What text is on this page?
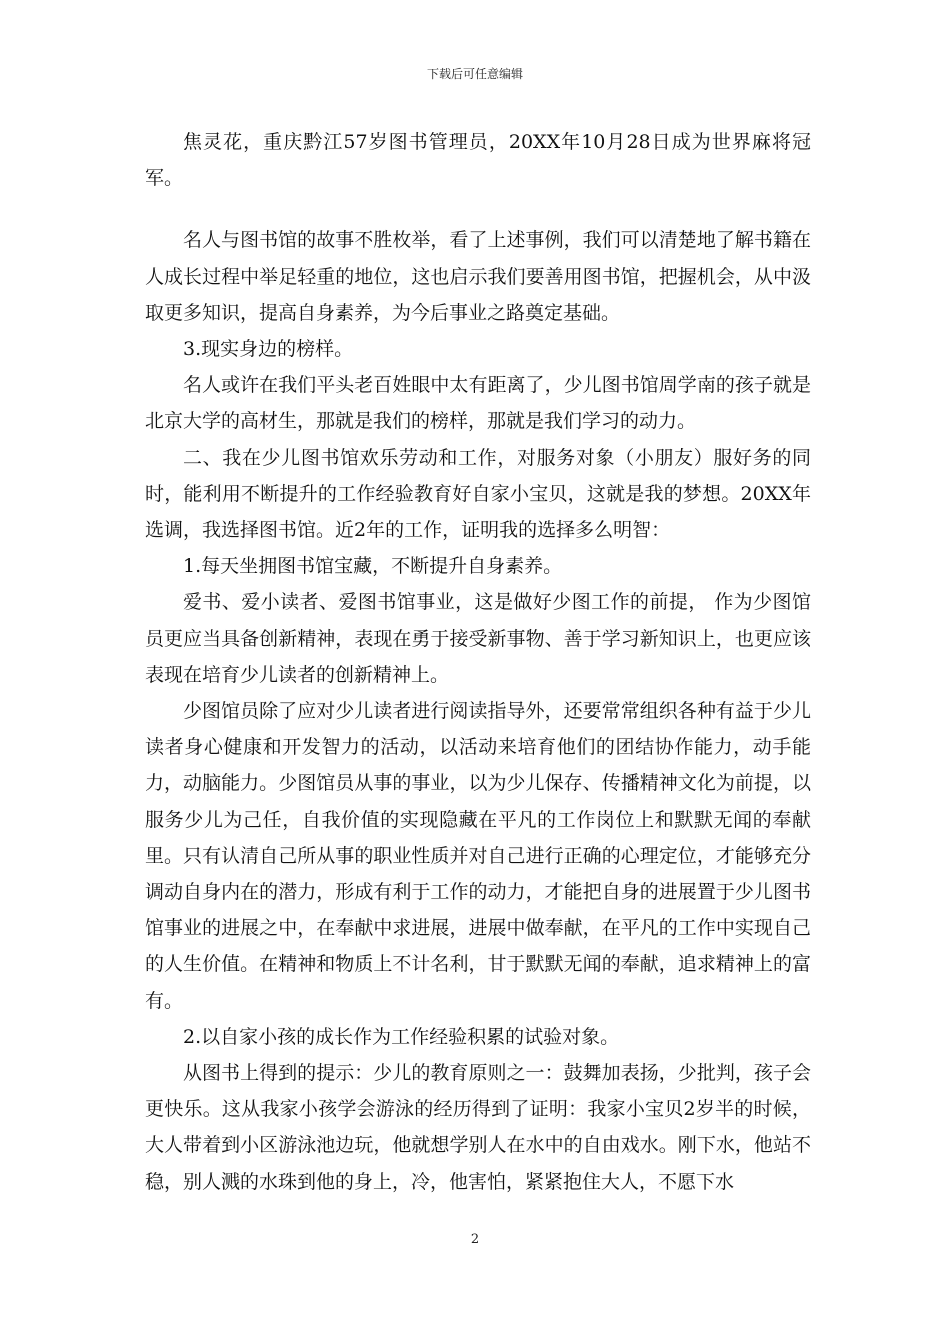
下载后可任意编辑

焦灵花，重庆黔江57岁图书管理员，20XX年10月28日成为世界麻将冠军。

名人与图书馆的故事不胜枚举，看了上述事例，我们可以清楚地了解书籍在人成长过程中举足轻重的地位，这也启示我们要善用图书馆，把握机会，从中汲取更多知识，提高自身素养，为今后事业之路奠定基础。

3.现实身边的榜样。

名人或许在我们平头老百姓眼中太有距离了，少儿图书馆周学南的孩子就是北京大学的高材生，那就是我们的榜样，那就是我们学习的动力。

二、我在少儿图书馆欢乐劳动和工作，对服务对象（小朋友）服好务的同时，能利用不断提升的工作经验教育好自家小宝贝，这就是我的梦想。20XX年选调，我选择图书馆。近2年的工作，证明我的选择多么明智：

1.每天坐拥图书馆宝藏，不断提升自身素养。

爱书、爱小读者、爱图书馆事业，这是做好少图工作的前提， 作为少图馆员更应当具备创新精神，表现在勇于接受新事物、善于学习新知识上，也更应该表现在培育少儿读者的创新精神上。

少图馆员除了应对少儿读者进行阅读指导外，还要常常组织各种有益于少儿读者身心健康和开发智力的活动，以活动来培育他们的团结协作能力，动手能力，动脑能力。少图馆员从事的事业，以为少儿保存、传播精神文化为前提，以服务少儿为己任，自我价值的实现隐藏在平凡的工作岗位上和默默无闻的奉献里。只有认清自己所从事的职业性质并对自己进行正确的心理定位，才能够充分调动自身内在的潜力，形成有利于工作的动力，才能把自身的进展置于少儿图书馆事业的进展之中，在奉献中求进展，进展中做奉献，在平凡的工作中实现自己的人生价值。在精神和物质上不计名利，甘于默默无闻的奉献，追求精神上的富有。

2.以自家小孩的成长作为工作经验积累的试验对象。

从图书上得到的提示：少儿的教育原则之一：鼓舞加表扬，少批判，孩子会更快乐。这从我家小孩学会游泳的经历得到了证明：我家小宝贝2岁半的时候，大人带着到小区游泳池边玩，他就想学别人在水中的自由戏水。刚下水，他站不稳，别人溅的水珠到他的身上，冷，他害怕，紧紧抱住大人，不愿下水

2
